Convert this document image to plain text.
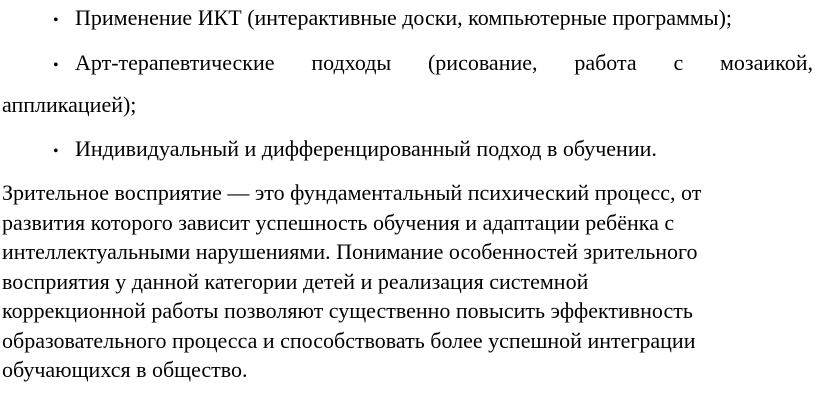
• Применение ИКТ (интерактивные доски, компьютерные программы);
• Арт-терапевтические подходы (рисование, работа с мозаикой,
аппликацией);
• Индивидуальный и дифференцированный подход в обучении.
Зрительное восприятие — это фундаментальный психический процесс, от
развития которого зависит успешность обучения и адаптации ребёнка с
интеллектуальными нарушениями. Понимание особенностей зрительного
восприятия у данной категории детей и реализация системной
коррекционной работы позволяют существенно повысить эффективность
образовательного процесса и способствовать более успешной интеграции
обучающихся в общество.
